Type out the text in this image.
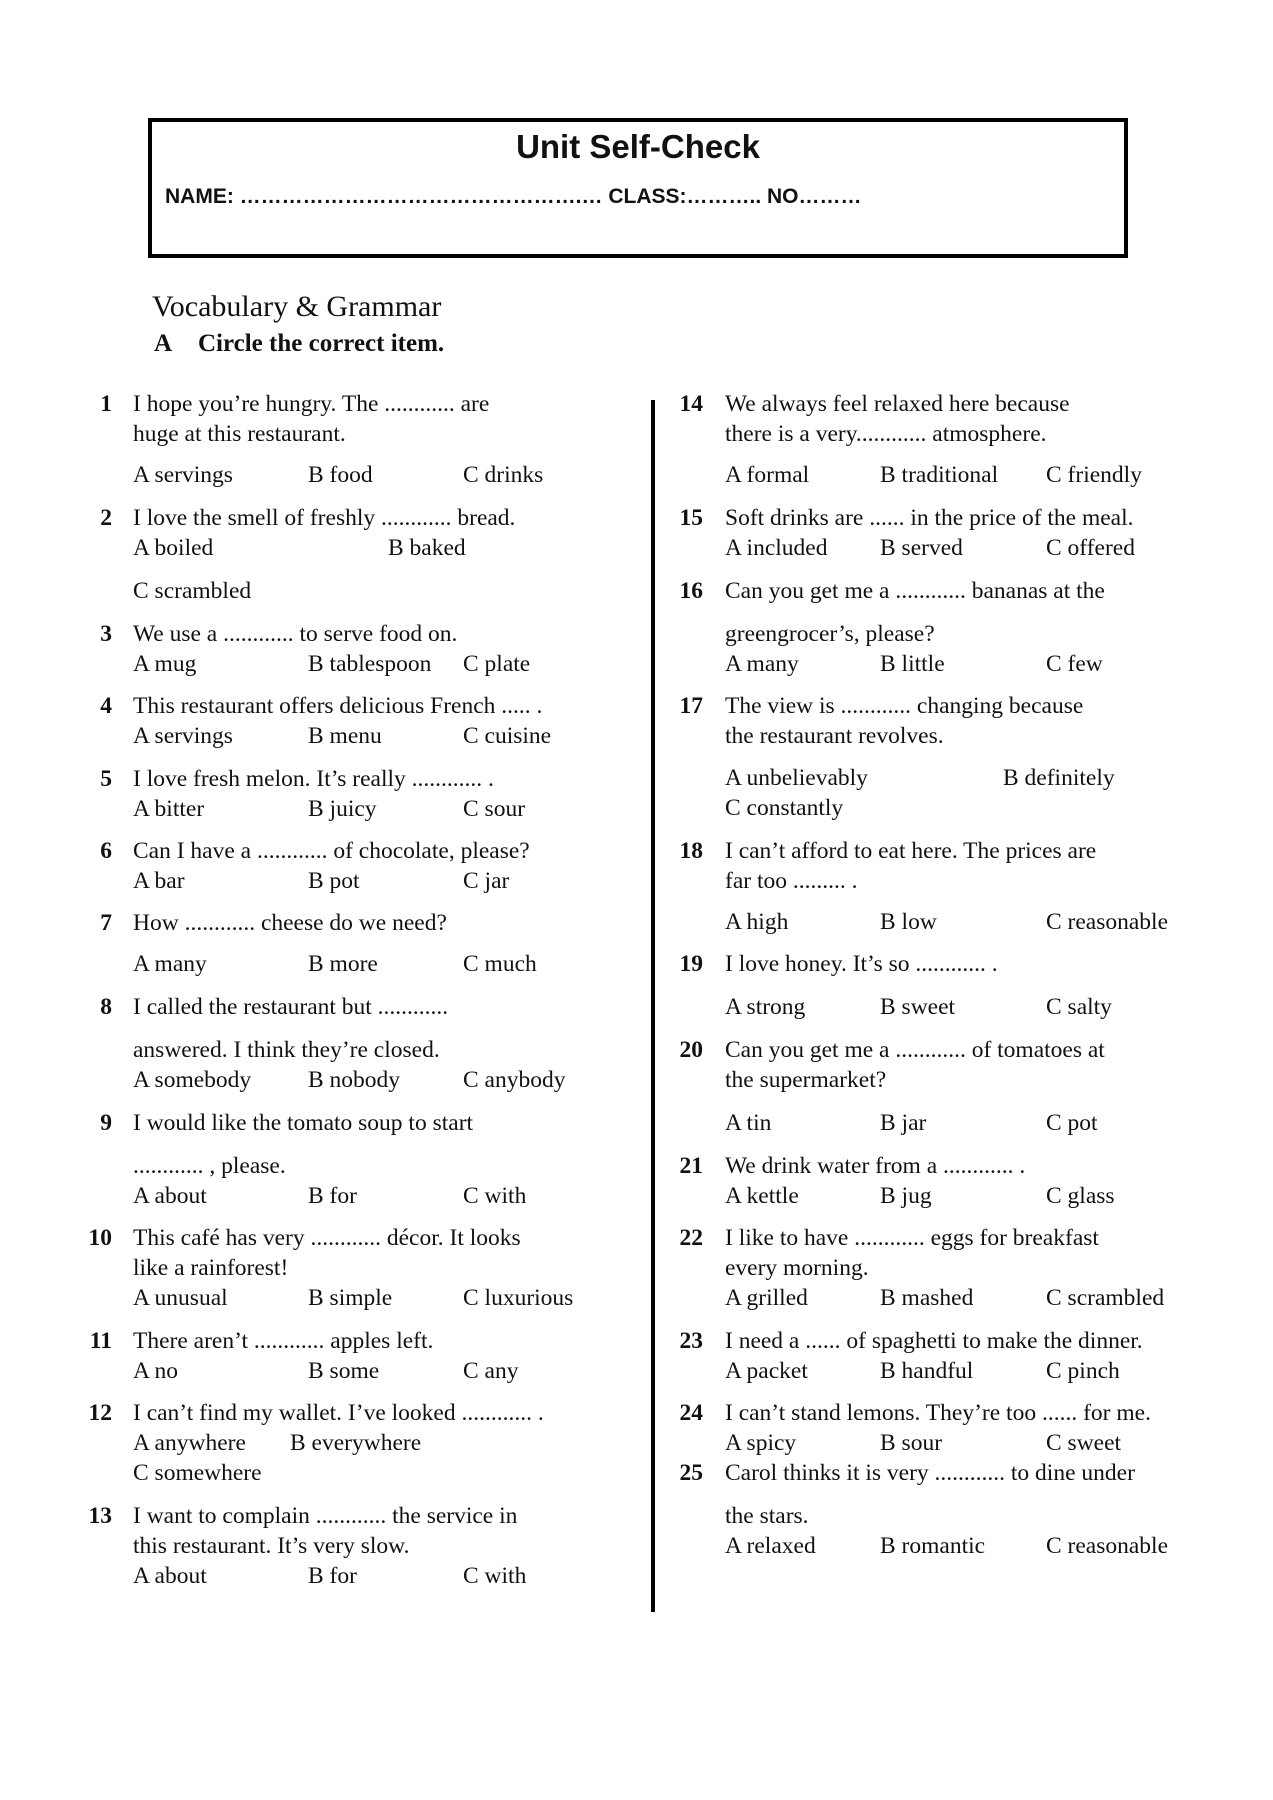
Unit Self-Check
NAME: ………………………………………….… CLASS:……….. NO………
Vocabulary & Grammar
A Circle the correct item.
1 I hope you’re hungry. The ............ are
huge at this restaurant.
A servings	B food	C drinks
2 I love the smell of freshly ............ bread.
A boiled	B baked
C scrambled
3 We use a ............ to serve food on.
A mug	B tablespoon C plate
4 This restaurant offers delicious French ..... .
A servings	B menu	C cuisine
5 I love fresh melon. It’s really ............ .
A bitter	B juicy	C sour
6 Can I have a ............ of chocolate, please?
A bar	B pot	C jar
7 How ............ cheese do we need?
A many	B more	C much
8 I called the restaurant but ............
answered. I think they’re closed.
A somebody B nobody	C anybody
9 I would like the tomato soup to start
............ , please.
A about	B for	C with
10 This café has very ............ décor. It looks
like a rainforest!
A unusual	B simple	C luxurious
11 There aren’t ............ apples left.
A no	B some	C any
12 I can’t find my wallet. I’ve looked ............ .
A anywhere B everywhere
C somewhere
13 I want to complain ............ the service in
this restaurant. It’s very slow.
A about	B for	C with
14 We always feel relaxed here because
there is a very............ atmosphere.
A formal	B traditional C friendly
15 Soft drinks are ...... in the price of the meal.
A included B served	C offered
16 Can you get me a ............ bananas at the
greengrocer’s, please?
A many	B little	C few
17 The view is ............ changing because
the restaurant revolves.
A unbelievably	B definitely
C constantly
18 I can’t afford to eat here. The prices are
far too ......... .
A high	B low	C reasonable
19 I love honey. It’s so ............ .
A strong	B sweet	C salty
20 Can you get me a ............ of tomatoes at
the supermarket?
A tin	B jar	C pot
21 We drink water from a ............ .
A kettle	B jug	C glass
22 I like to have ............ eggs for breakfast
every morning.
A grilled	B mashed	C scrambled
23 I need a ...... of spaghetti to make the dinner.
A packet	B handful	C pinch
24 I can’t stand lemons. They’re too ...... for me.
A spicy	B sour	C sweet
25 Carol thinks it is very ............ to dine under
the stars.
A relaxed	B romantic	C reasonable
